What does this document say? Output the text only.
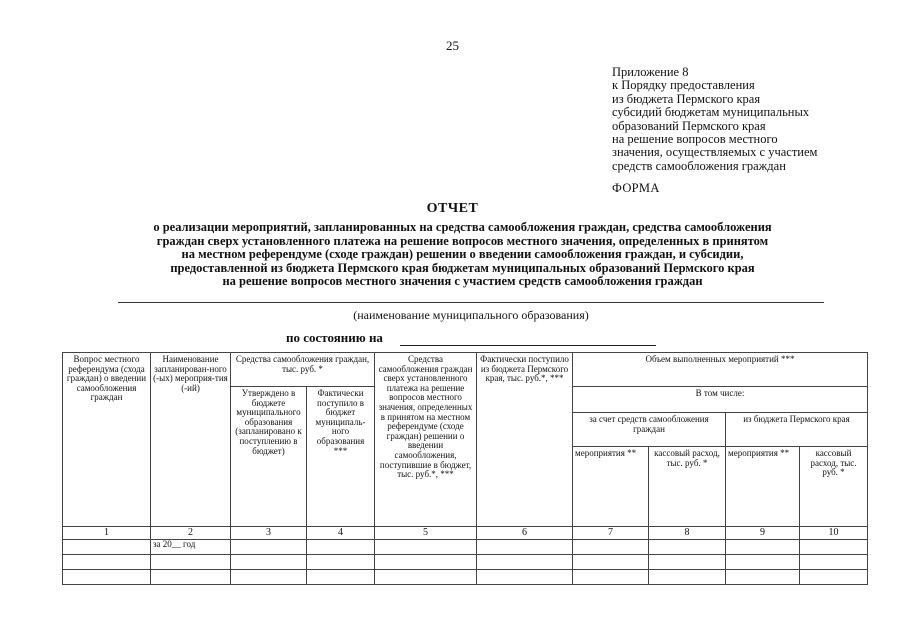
25
Приложение 8
к Порядку предоставления
из бюджета Пермского края
субсидий бюджетам муниципальных
образований Пермского края
на решение вопросов местного
значения, осуществляемых с участием
средств самообложения граждан
ФОРМА
ОТЧЕТ
о реализации мероприятий, запланированных на средства самообложения граждан, средства самообложения
граждан сверх установленного платежа на решение вопросов местного значения, определенных в принятом
на местном референдуме (сходе граждан) решении о введении самообложения граждан, и субсидии,
предоставленной из бюджета Пермского края бюджетам муниципальных образований Пермского края
на решение вопросов местного значения с участием средств самообложения граждан
(наименование муниципального образования)
по состоянию на
Вопрос местного референдума (схода граждан) о введении самообложения граждан	Наименование запланирован-ного (-ых) мероприя-тия (-ий)	Средства самообложения граждан, тыс. руб. *		Средства самообложения граждан сверх установленного платежа на решение вопросов местного значения, определенных в принятом на местном референдуме (сходе граждан) решении о введении самообложения, поступившие в бюджет, тыс. руб.*, ***	Фактически поступило из бюджета Пермского края, тыс. руб.*, ***	Объем выполненных мероприятий ***			
		Утверждено в бюджете муниципального образования (запланировано к поступлению в бюджет)	Фактически поступило в бюджет муниципаль-ного образования ***			В том числе:			
						за счет средств самообложения граждан		из бюджета Пермского края	
						мероприятия **	кассовый расход, тыс. руб. *	мероприятия **	кассовый расход, тыс. руб. *
1	2	3	4	5	6	7	8	9	10
	за 20__ год								
